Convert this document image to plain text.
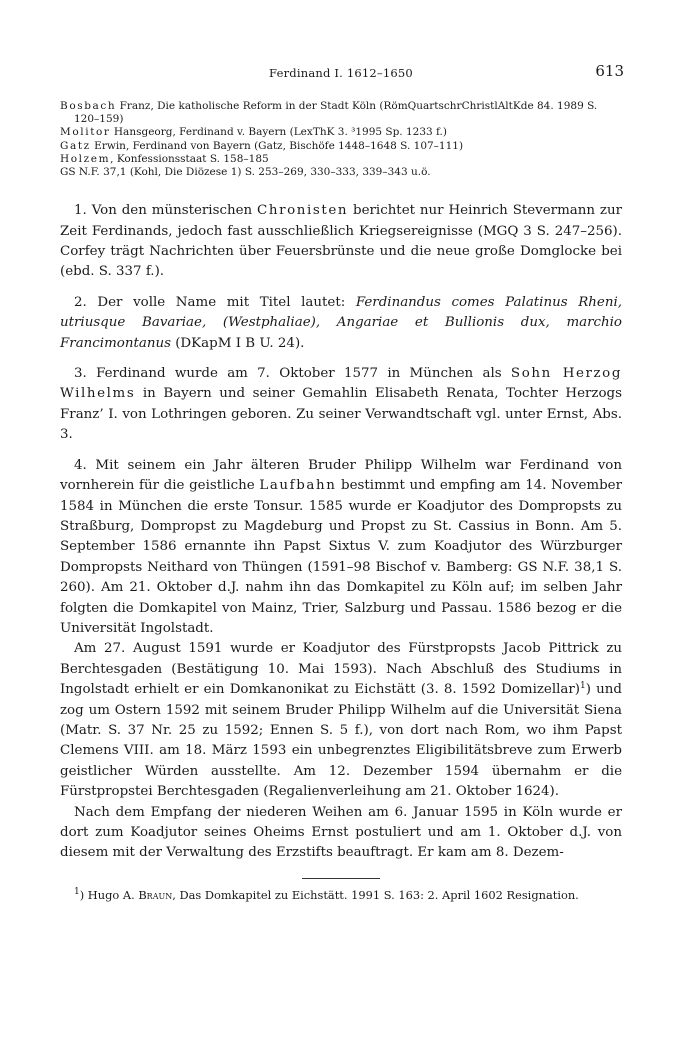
Ferdinand I. 1612–1650	613

Bosbach Franz, Die katholische Reform in der Stadt Köln (RömQuartschrChristlAltKde 84. 1989 S. 120–159)

Molitor Hansgeorg, Ferdinand v. Bayern (LexThK 3. ³1995 Sp. 1233 f.)

Gatz Erwin, Ferdinand von Bayern (Gatz, Bischöfe 1448–1648 S. 107–111)

Holzem, Konfessionsstaat S. 158–185

GS N.F. 37,1 (Kohl, Die Diözese 1) S. 253–269, 330–333, 339–343 u.ö.

1. Von den münsterischen Chronisten berichtet nur Heinrich Stevermann zur Zeit Ferdinands, jedoch fast ausschließlich Kriegsereignisse (MGQ 3 S. 247–256). Corfey trägt Nachrichten über Feuersbrünste und die neue große Domglocke bei (ebd. S. 337 f.).

2. Der volle Name mit Titel lautet: Ferdinandus comes Palatinus Rheni, utriusque Bavariae, (Westphaliae), Angariae et Bullionis dux, marchio Francimontanus (DKapM I B U. 24).

3. Ferdinand wurde am 7. Oktober 1577 in München als Sohn Herzog Wilhelms in Bayern und seiner Gemahlin Elisabeth Renata, Tochter Herzogs Franz’ I. von Lothringen geboren. Zu seiner Verwandtschaft vgl. unter Ernst, Abs. 3.

4. Mit seinem ein Jahr älteren Bruder Philipp Wilhelm war Ferdinand von vornherein für die geistliche Laufbahn bestimmt und empfing am 14. November 1584 in München die erste Tonsur. 1585 wurde er Koadjutor des Dompropsts zu Straßburg, Dompropst zu Magdeburg und Propst zu St. Cassius in Bonn. Am 5. September 1586 ernannte ihn Papst Sixtus V. zum Koadjutor des Würzburger Dompropsts Neithard von Thüngen (1591–98 Bischof v. Bamberg: GS N.F. 38,1 S. 260). Am 21. Oktober d.J. nahm ihn das Domkapitel zu Köln auf; im selben Jahr folgten die Domkapitel von Mainz, Trier, Salzburg und Passau. 1586 bezog er die Universität Ingolstadt.

Am 27. August 1591 wurde er Koadjutor des Fürstpropsts Jacob Pittrick zu Berchtesgaden (Bestätigung 10. Mai 1593). Nach Abschluß des Studiums in Ingolstadt erhielt er ein Domkanonikat zu Eichstätt (3. 8. 1592 Domizellar)$^1$) und zog um Ostern 1592 mit seinem Bruder Philipp Wilhelm auf die Universität Siena (Matr. S. 37 Nr. 25 zu 1592; Ennen S. 5 f.), von dort nach Rom, wo ihm Papst Clemens VIII. am 18. März 1593 ein unbegrenztes Eligibilitätsbreve zum Erwerb geistlicher Würden ausstellte. Am 12. Dezember 1594 übernahm er die Fürstpropstei Berchtesgaden (Regalienverleihung am 21. Oktober 1624).

Nach dem Empfang der niederen Weihen am 6. Januar 1595 in Köln wurde er dort zum Koadjutor seines Oheims Ernst postuliert und am 1. Oktober d.J. von diesem mit der Verwaltung des Erzstifts beauftragt. Er kam am 8. Dezem-

$^1$) Hugo A. Braun, Das Domkapitel zu Eichstätt. 1991 S. 163: 2. April 1602 Resignation.
